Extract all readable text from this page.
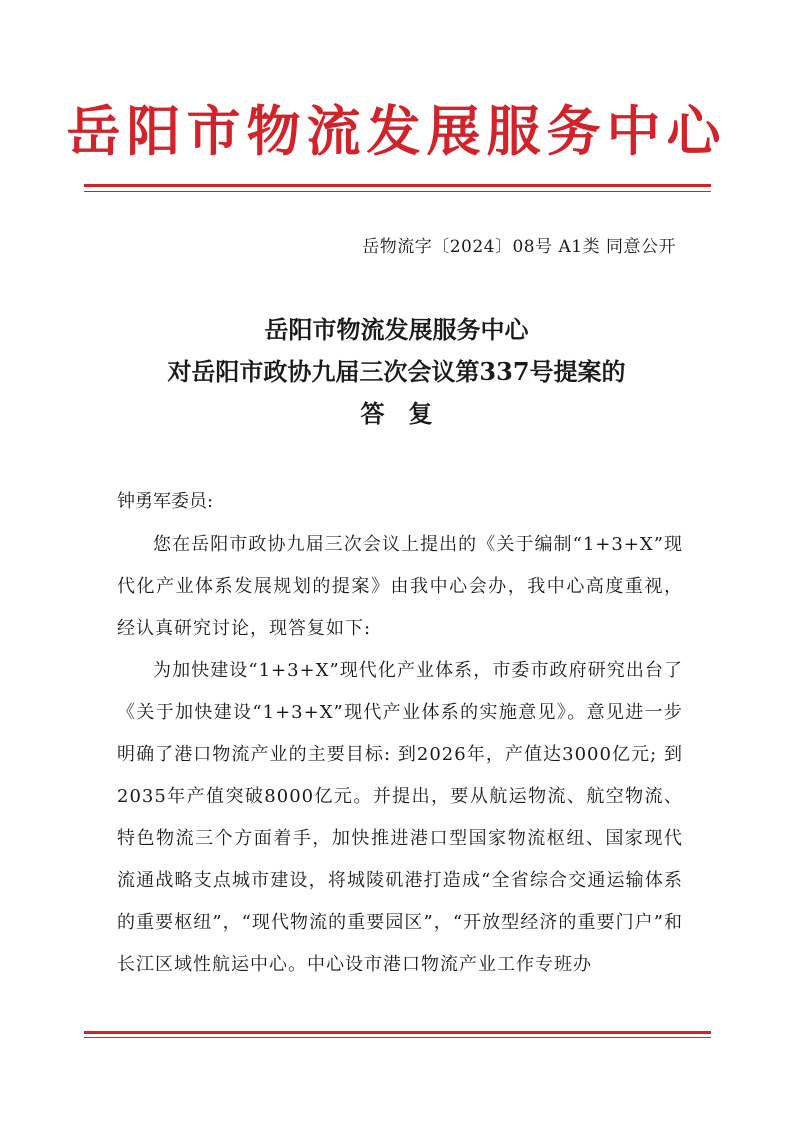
岳阳市物流发展服务中心
岳物流字〔2024〕08号 A1类 同意公开
岳阳市物流发展服务中心
对岳阳市政协九届三次会议第337号提案的
答复
钟勇军委员:

您在岳阳市政协九届三次会议上提出的《关于编制“1+3+X”现代化产业体系发展规划的提案》由我中心会办，我中心高度重视，经认真研究讨论，现答复如下:

为加快建设“1+3+X”现代化产业体系，市委市政府研究出台了《关于加快建设“1+3+X”现代产业体系的实施意见》。意见进一步明确了港口物流产业的主要目标: 到2026年，产值达3000亿元; 到2035年产值突破8000亿元。并提出，要从航运物流、航空物流、特色物流三个方面着手，加快推进港口型国家物流枢纽、国家现代流通战略支点城市建设，将城陵矶港打造成“全省综合交通运输体系的重要枢纽”，“现代物流的重要园区”，“开放型经济的重要门户”和长江区域性航运中心。中心设市港口物流产业工作专班办
